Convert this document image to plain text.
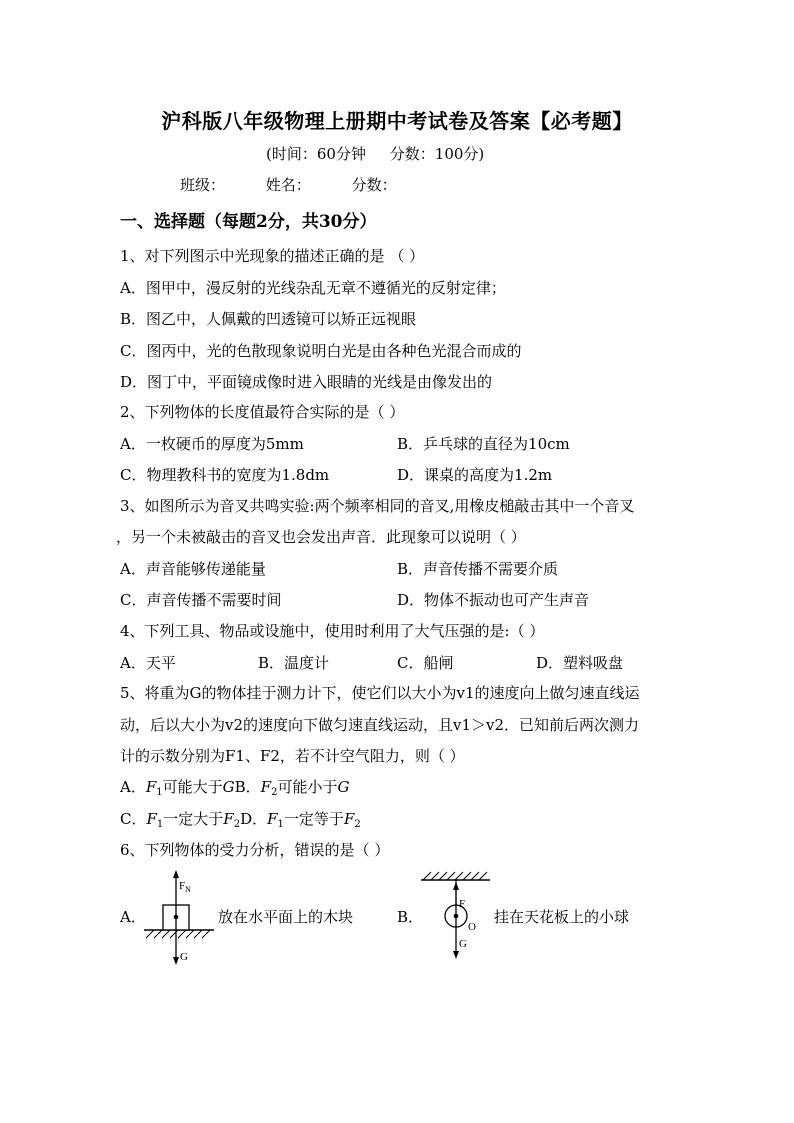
沪科版八年级物理上册期中考试卷及答案【必考题】
(时间：60分钟     分数：100分)
班级：	姓名：	分数：
一、选择题（每题2分，共30分）
1、对下列图示中光现象的描述正确的是 （ ）
A．图甲中，漫反射的光线杂乱无章不遵循光的反射定律；
B．图乙中，人佩戴的凹透镜可以矫正远视眼
C．图丙中，光的色散现象说明白光是由各种色光混合而成的
D．图丁中，平面镜成像时进入眼睛的光线是由像发出的
2、下列物体的长度值最符合实际的是（ ）
A．一枚硬币的厚度为5mm	B．乒乓球的直径为10cm
C．物理教科书的宽度为1.8dm	D．课桌的高度为1.2m
3、如图所示为音叉共鸣实验:两个频率相同的音叉,用橡皮槌敲击其中一个音叉
，另一个未被敲击的音叉也会发出声音．此现象可以说明（ ）
A．声音能够传递能量	B．声音传播不需要介质
C．声音传播不需要时间	D．物体不振动也可产生声音
4、下列工具、物品或设施中，使用时利用了大气压强的是:（ ）
A．天平	B．温度计	C．船闸	D．塑料吸盘
5、将重为G的物体挂于测力计下，使它们以大小为v1的速度向上做匀速直线运
动，后以大小为v2的速度向下做匀速直线运动，且v1＞v2．已知前后两次测力
计的示数分别为F1、F2，若不计空气阻力，则（ ）
A．$F_1$可能大于GB．$F_2$可能小于G
C．$F_1$一定大于$F_2D$．$F_1$一定等于$F_2$
6、下列物体的受力分析，错误的是（ ）
A．
$F_N$
G
放在水平面上的木块	B．
F
G
O
挂在天花板上的小球
